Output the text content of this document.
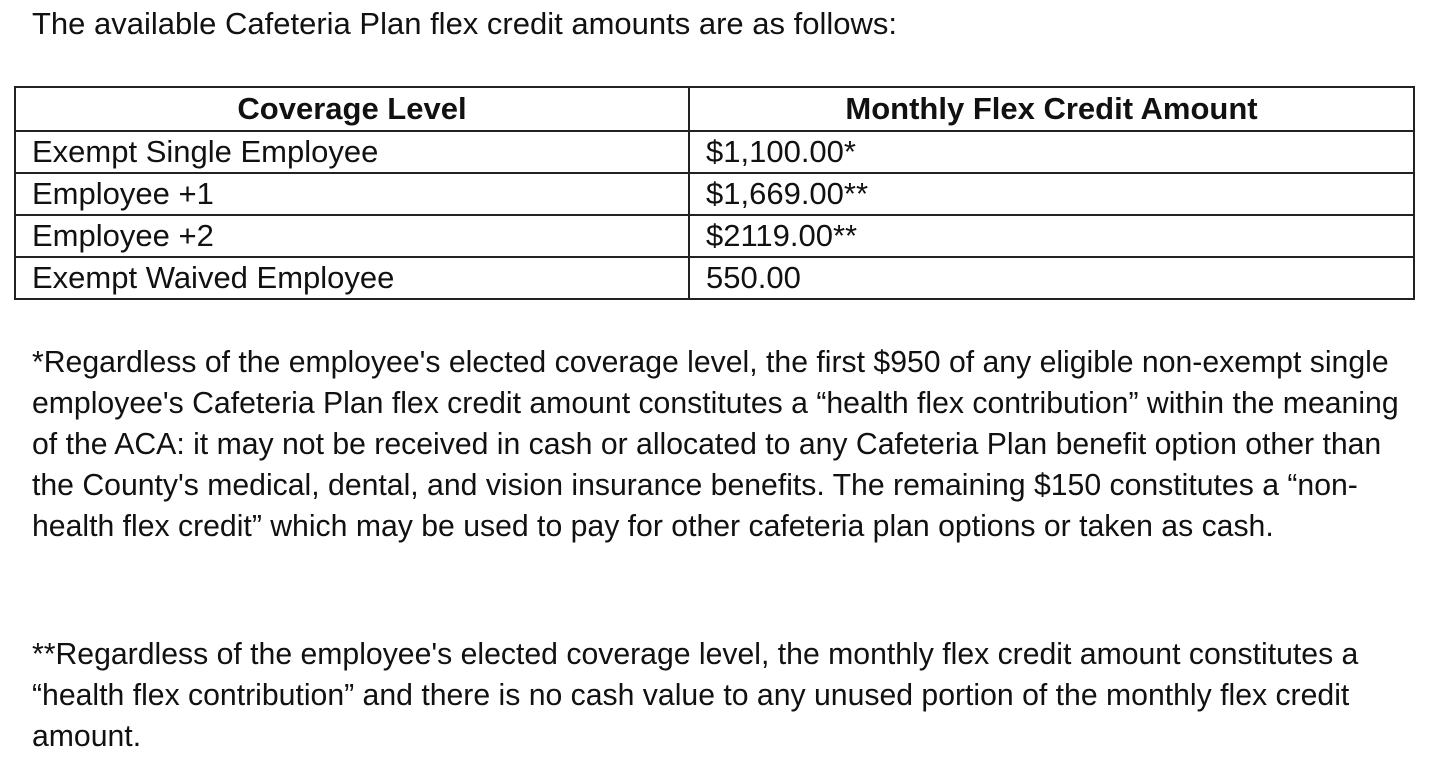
The available Cafeteria Plan flex credit amounts are as follows:

Coverage Level	Monthly Flex Credit Amount
Exempt Single Employee	$1,100.00*
Employee +1	$1,669.00**
Employee +2	$2119.00**
Exempt Waived Employee	550.00

*Regardless of the employee's elected coverage level, the first $950 of any eligible non-exempt single employee's Cafeteria Plan flex credit amount constitutes a “health flex contribution” within the meaning of the ACA: it may not be received in cash or allocated to any Cafeteria Plan benefit option other than the County's medical, dental, and vision insurance benefits. The remaining $150 constitutes a “non-health flex credit” which may be used to pay for other cafeteria plan options or taken as cash.

**Regardless of the employee's elected coverage level, the monthly flex credit amount constitutes a “health flex contribution” and there is no cash value to any unused portion of the monthly flex credit amount.
